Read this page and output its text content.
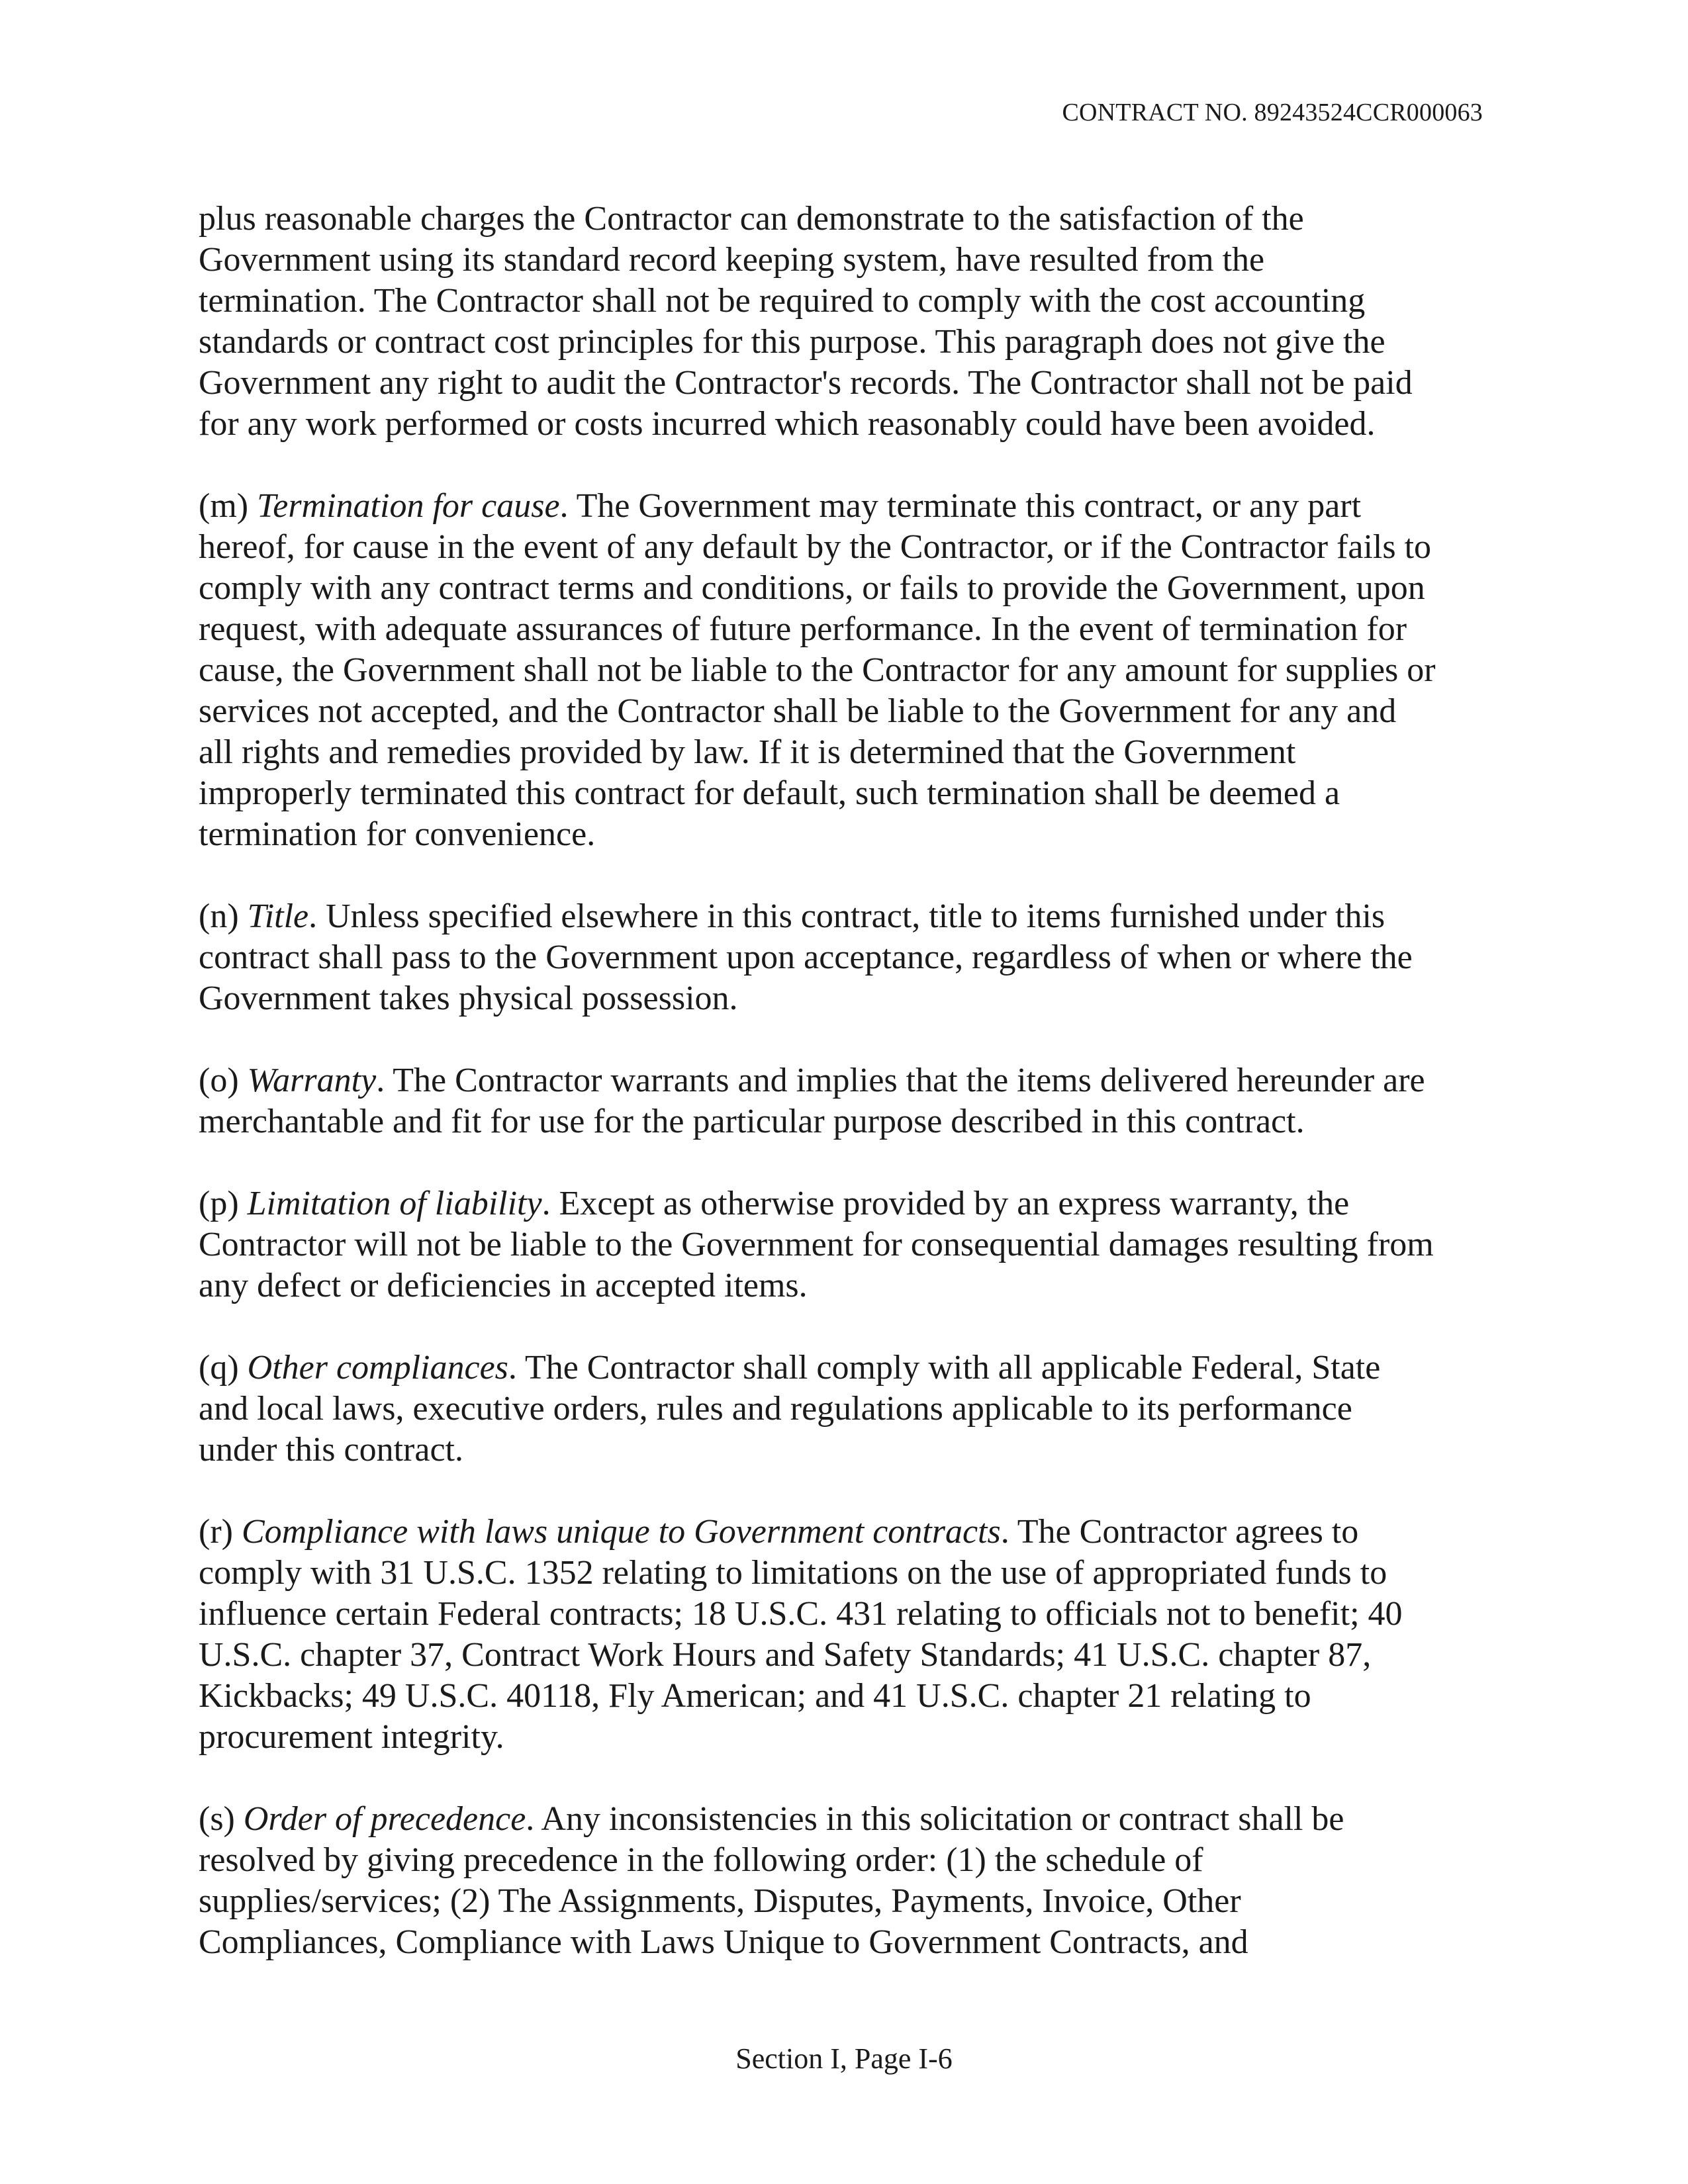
CONTRACT NO. 89243524CCR000063
plus reasonable charges the Contractor can demonstrate to the satisfaction of the
Government using its standard record keeping system, have resulted from the
termination. The Contractor shall not be required to comply with the cost accounting
standards or contract cost principles for this purpose. This paragraph does not give the
Government any right to audit the Contractor's records. The Contractor shall not be paid
for any work performed or costs incurred which reasonably could have been avoided.
(m) Termination for cause. The Government may terminate this contract, or any part
hereof, for cause in the event of any default by the Contractor, or if the Contractor fails to
comply with any contract terms and conditions, or fails to provide the Government, upon
request, with adequate assurances of future performance. In the event of termination for
cause, the Government shall not be liable to the Contractor for any amount for supplies or
services not accepted, and the Contractor shall be liable to the Government for any and
all rights and remedies provided by law. If it is determined that the Government
improperly terminated this contract for default, such termination shall be deemed a
termination for convenience.
(n) Title. Unless specified elsewhere in this contract, title to items furnished under this
contract shall pass to the Government upon acceptance, regardless of when or where the
Government takes physical possession.
(o) Warranty. The Contractor warrants and implies that the items delivered hereunder are
merchantable and fit for use for the particular purpose described in this contract.
(p) Limitation of liability. Except as otherwise provided by an express warranty, the
Contractor will not be liable to the Government for consequential damages resulting from
any defect or deficiencies in accepted items.
(q) Other compliances. The Contractor shall comply with all applicable Federal, State
and local laws, executive orders, rules and regulations applicable to its performance
under this contract.
(r) Compliance with laws unique to Government contracts. The Contractor agrees to
comply with 31 U.S.C. 1352 relating to limitations on the use of appropriated funds to
influence certain Federal contracts; 18 U.S.C. 431 relating to officials not to benefit; 40
U.S.C. chapter 37, Contract Work Hours and Safety Standards; 41 U.S.C. chapter 87,
Kickbacks; 49 U.S.C. 40118, Fly American; and 41 U.S.C. chapter 21 relating to
procurement integrity.
(s) Order of precedence. Any inconsistencies in this solicitation or contract shall be
resolved by giving precedence in the following order: (1) the schedule of
supplies/services; (2) The Assignments, Disputes, Payments, Invoice, Other
Compliances, Compliance with Laws Unique to Government Contracts, and
Section I, Page I-6
